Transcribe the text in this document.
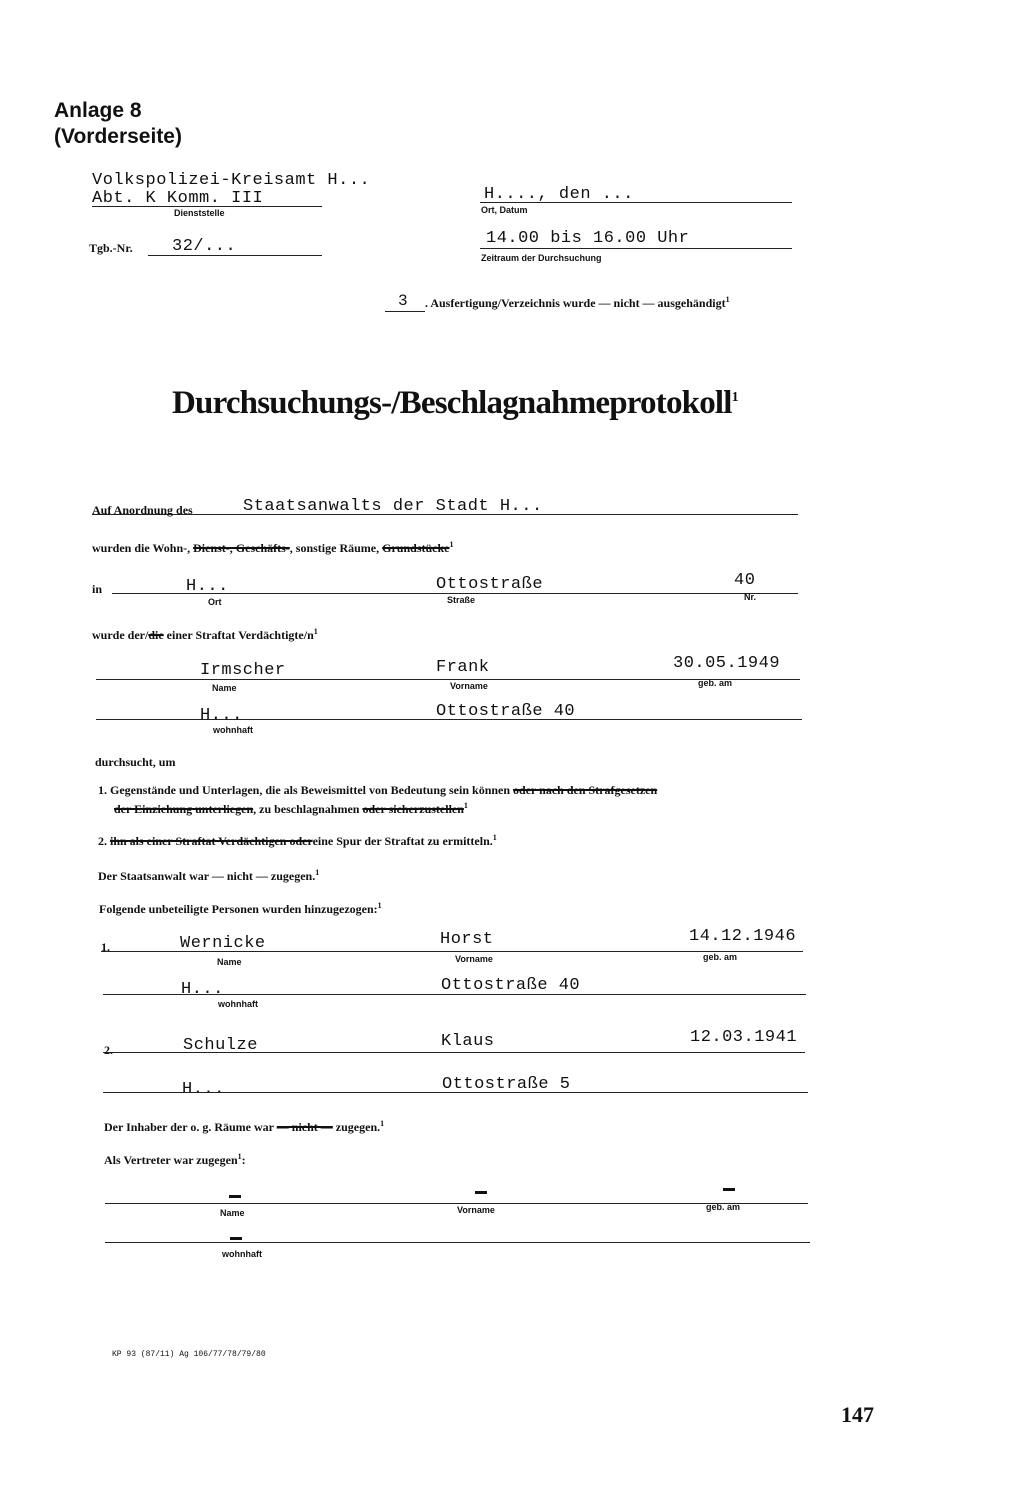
Anlage 8
(Vorderseite)
Volkspolizei-Kreisamt H...
Abt. K Komm. III
Dienststelle
H...., den ...
Ort, Datum
Tgb.-Nr. 32/...	14.00 bis 16.00 Uhr
Zeitraum der Durchsuchung
3 . Ausfertigung/Verzeichnis wurde — nicht — ausgehändigt$^1$
Durchsuchungs-/Beschlagnahmeprotokoll$^1$
Auf Anordnung des	Staatsanwalts der Stadt H...
wurden die Wohn-, Dienst-, Geschäfts-, sonstige Räume, Grundstücke$^1$
in	H...	Ottostraße	40
Ort	Straße	Nr.
wurde der/die einer Straftat Verdächtigte/$n^1$
Irmscher	Frank	30.05.1949
Name	Vorname	geb. am
H...	Ottostraße 40
wohnhaft
durchsucht, um
1. Gegenstände und Unterlagen, die als Beweismittel von Bedeutung sein können oder nach den Strafgesetzen
der Einziehung unterliegen, zu beschlagnahmen oder sicherzustellen$^1$
2. ihn als einer Straftat Verdächtigen odereine Spur der Straftat zu ermitteln.$^1$
Der Staatsanwalt war — nicht — zugegen.$^1$
Folgende unbeteiligte Personen wurden hinzugezogen:$^1$
1.	Wernicke	Horst	14.12.1946
Name	Vorname	geb. am
H...	Ottostraße 40
wohnhaft
2.	Schulze	Klaus	12.03.1941
H...	Ottostraße 5
Der Inhaber der o. g. Räume war — nicht — zugegen.$^1$
Als Vertreter war zugegen$^1$:
Name	Vorname	geb. am
wohnhaft
KP 93 (87/11) Ag 106/77/78/79/80
147
